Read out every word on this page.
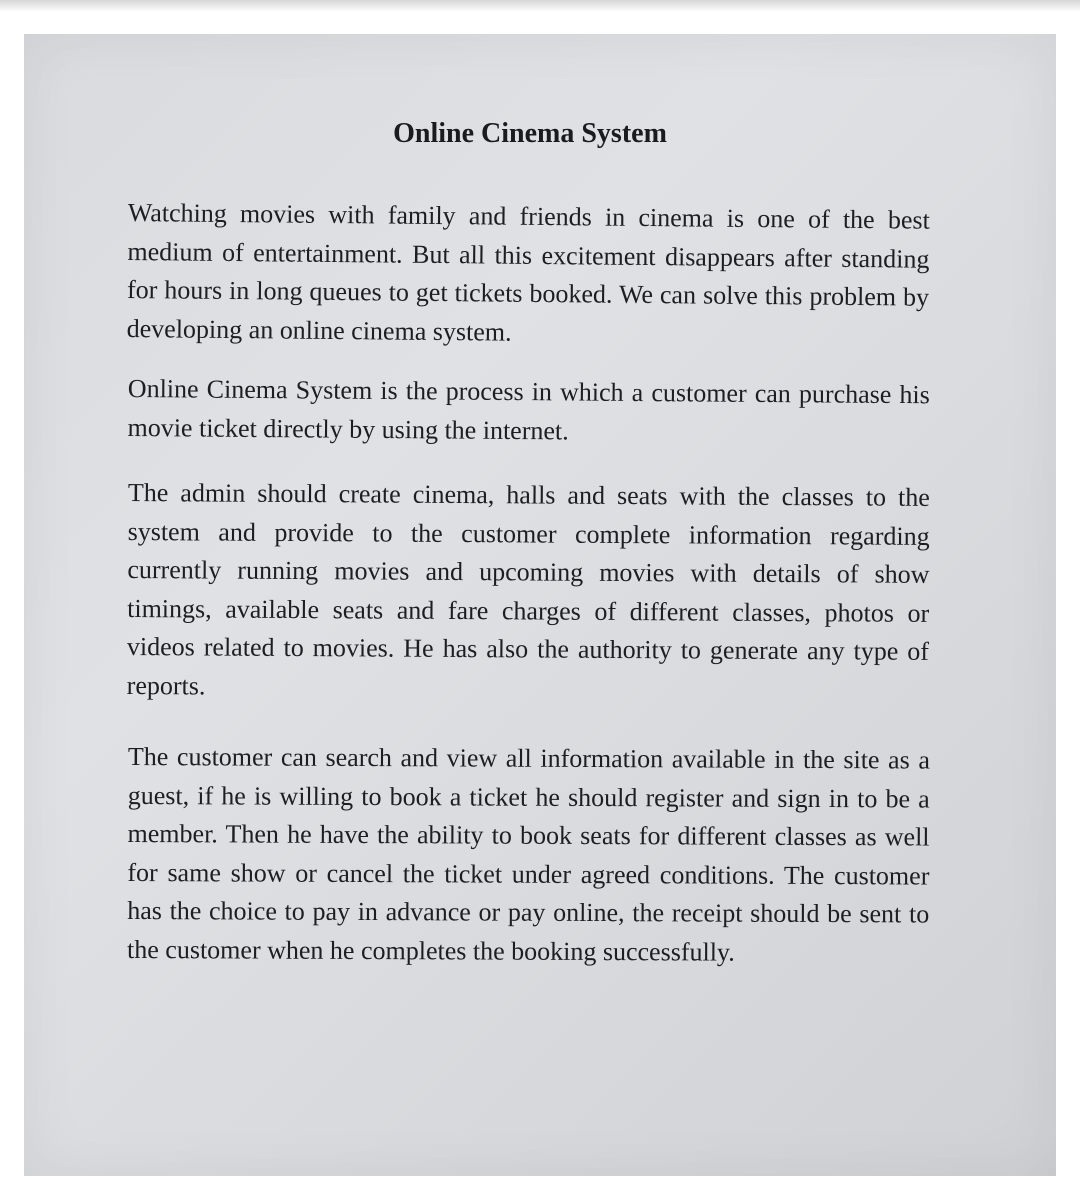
Online Cinema System

Watching movies with family and friends in cinema is one of the best medium of entertainment. But all this excitement disappears after standing for hours in long queues to get tickets booked. We can solve this problem by developing an online cinema system.

Online Cinema System is the process in which a customer can purchase his movie ticket directly by using the internet.

The admin should create cinema, halls and seats with the classes to the system and provide to the customer complete information regarding currently running movies and upcoming movies with details of show timings, available seats and fare charges of different classes, photos or videos related to movies. He has also the authority to generate any type of reports.

The customer can search and view all information available in the site as a guest, if he is willing to book a ticket he should register and sign in to be a member. Then he have the ability to book seats for different classes as well for same show or cancel the ticket under agreed conditions. The customer has the choice to pay in advance or pay online, the receipt should be sent to the customer when he completes the booking successfully.
